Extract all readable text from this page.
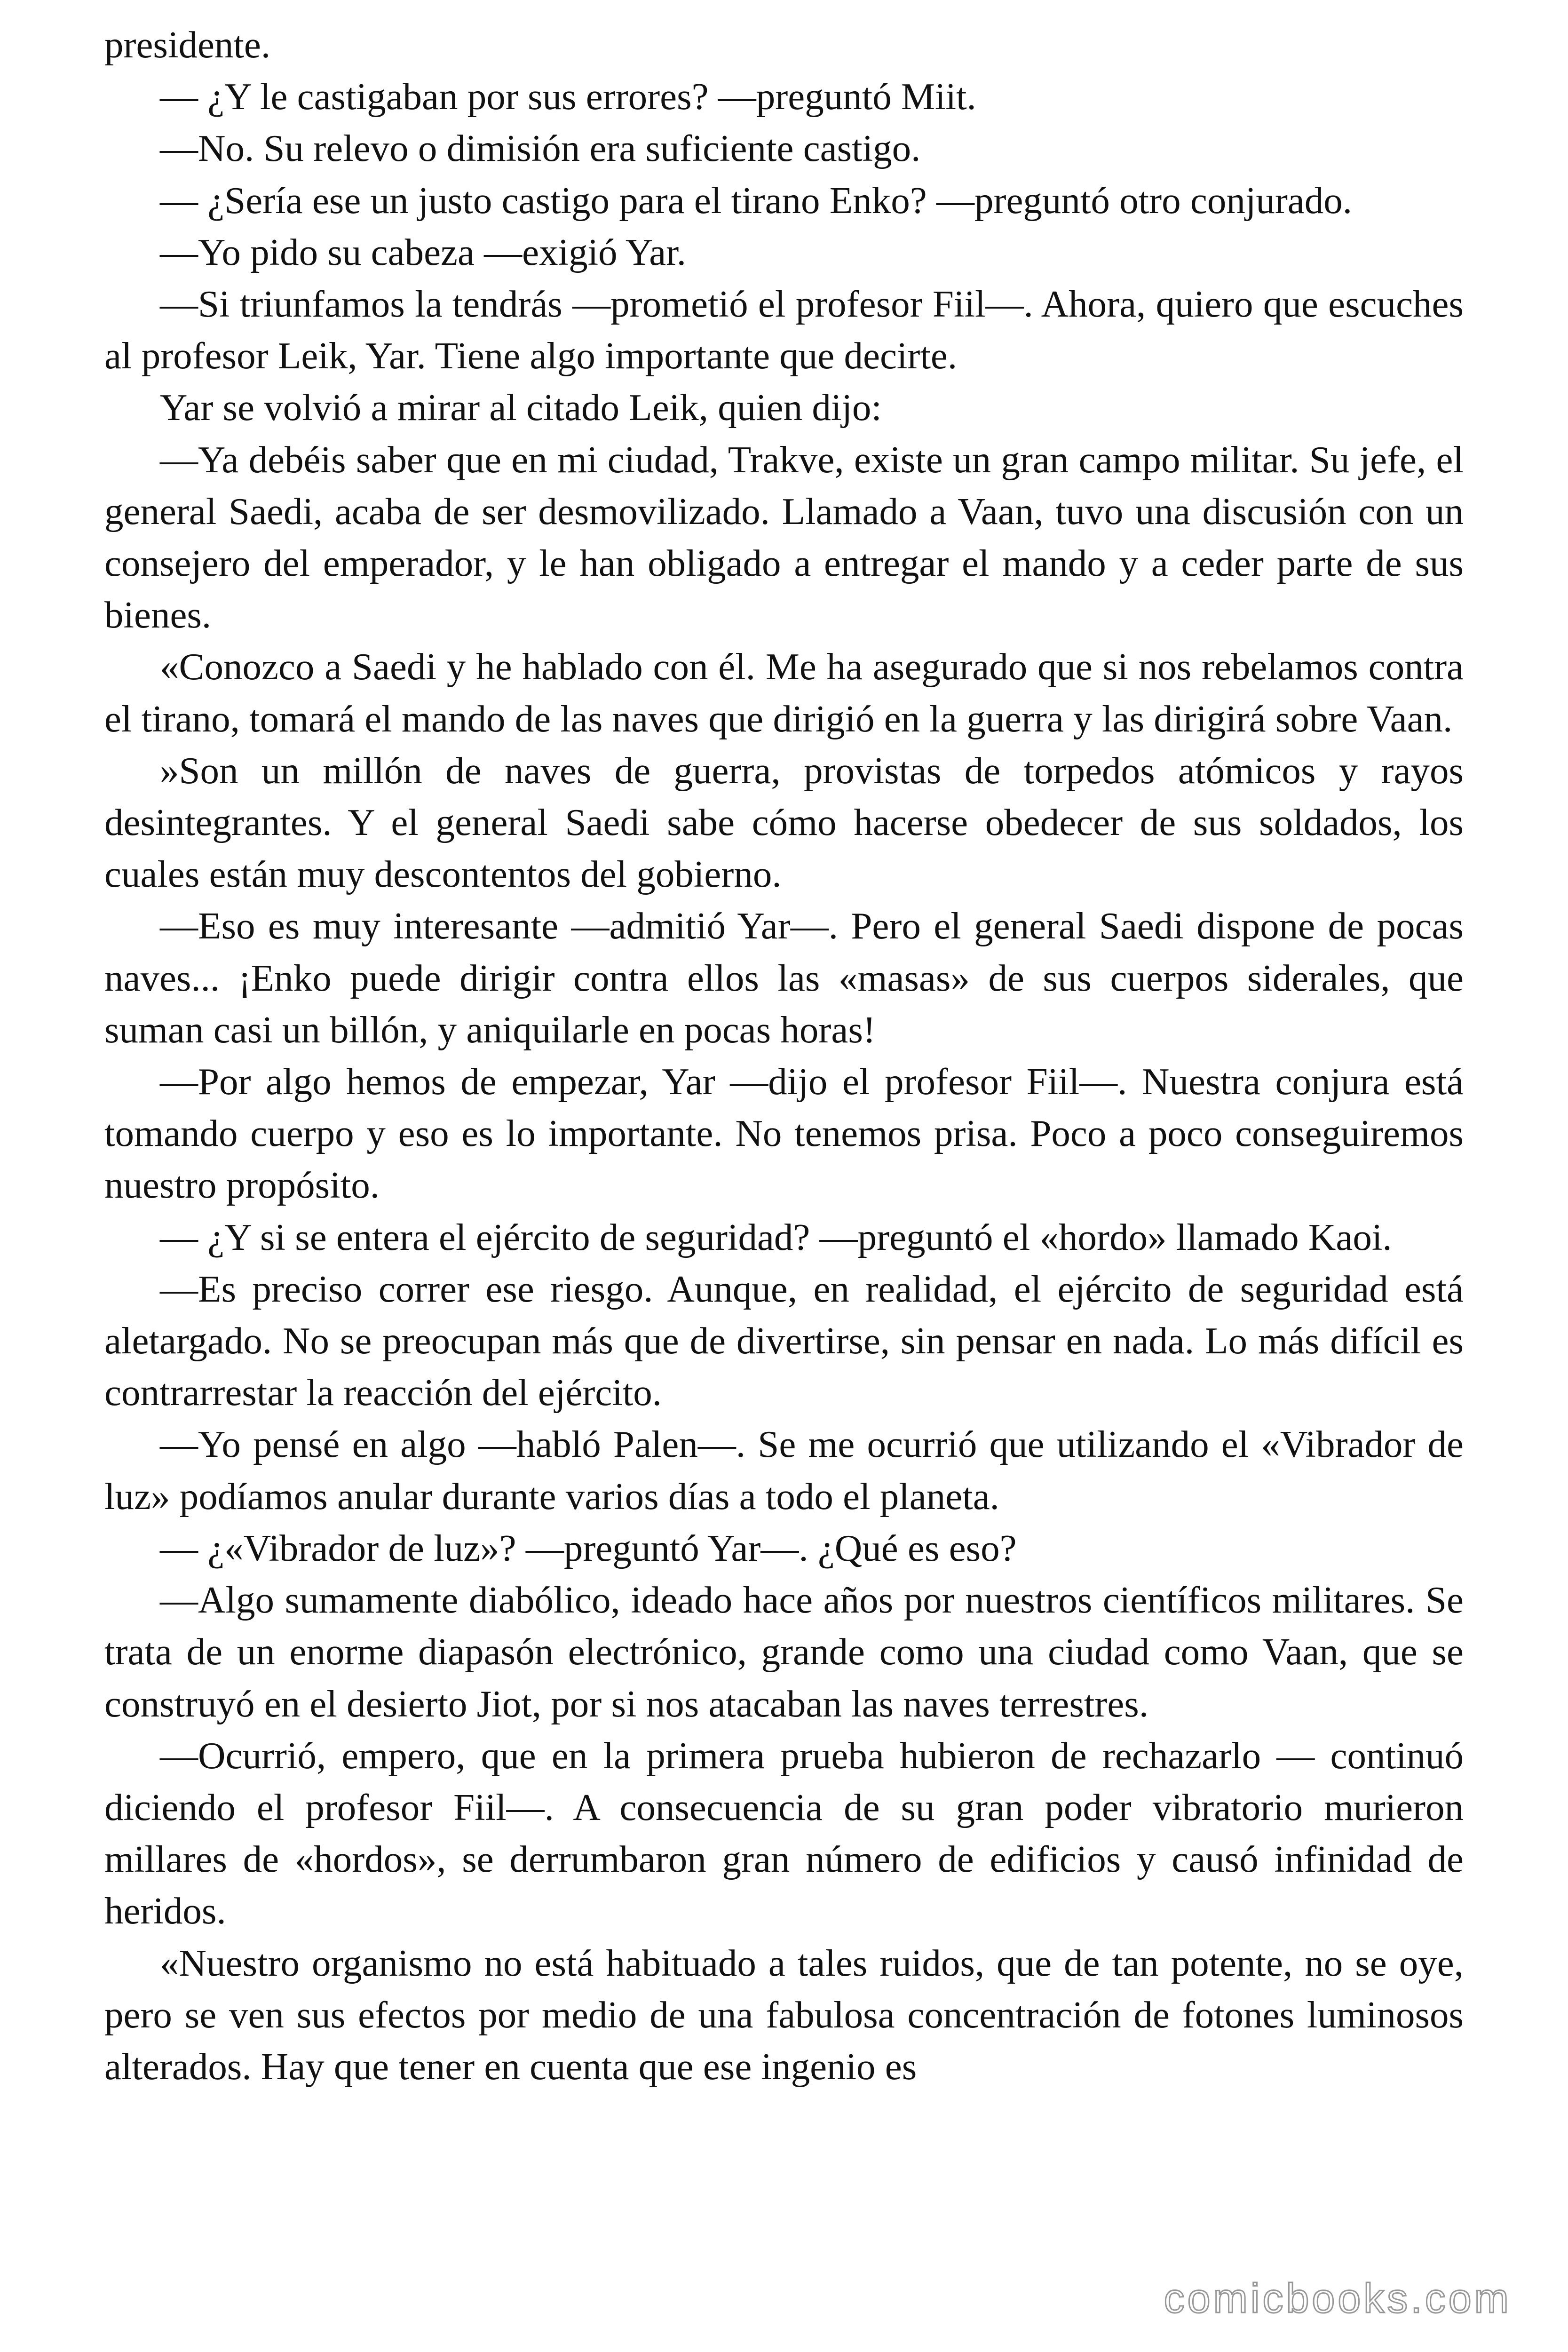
presidente.

— ¿Y le castigaban por sus errores? —preguntó Miit.

—No. Su relevo o dimisión era suficiente castigo.

— ¿Sería ese un justo castigo para el tirano Enko? —preguntó otro conjurado.

—Yo pido su cabeza —exigió Yar.

—Si triunfamos la tendrás —prometió el profesor Fiil—. Ahora, quiero que escuches al profesor Leik, Yar. Tiene algo importante que decirte.

Yar se volvió a mirar al citado Leik, quien dijo:

—Ya debéis saber que en mi ciudad, Trakve, existe un gran campo militar. Su jefe, el general Saedi, acaba de ser desmovilizado. Llamado a Vaan, tuvo una discusión con un consejero del emperador, y le han obligado a entregar el mando y a ceder parte de sus bienes.

«Conozco a Saedi y he hablado con él. Me ha asegurado que si nos rebelamos contra el tirano, tomará el mando de las naves que dirigió en la guerra y las dirigirá sobre Vaan.

»Son un millón de naves de guerra, provistas de torpedos atómicos y rayos desintegrantes. Y el general Saedi sabe cómo hacerse obedecer de sus soldados, los cuales están muy descontentos del gobierno.

—Eso es muy interesante —admitió Yar—. Pero el general Saedi dispone de pocas naves... ¡Enko puede dirigir contra ellos las «masas» de sus cuerpos siderales, que suman casi un billón, y aniquilarle en pocas horas!

—Por algo hemos de empezar, Yar —dijo el profesor Fiil—. Nuestra conjura está tomando cuerpo y eso es lo importante. No tenemos prisa. Poco a poco conseguiremos nuestro propósito.

— ¿Y si se entera el ejército de seguridad? —preguntó el «hordo» llamado Kaoi.

—Es preciso correr ese riesgo. Aunque, en realidad, el ejército de seguridad está aletargado. No se preocupan más que de divertirse, sin pensar en nada. Lo más difícil es contrarrestar la reacción del ejército.

—Yo pensé en algo —habló Palen—. Se me ocurrió que utilizando el «Vibrador de luz» podíamos anular durante varios días a todo el planeta.

— ¿«Vibrador de luz»? —preguntó Yar—. ¿Qué es eso?

—Algo sumamente diabólico, ideado hace años por nuestros científicos militares. Se trata de un enorme diapasón electrónico, grande como una ciudad como Vaan, que se construyó en el desierto Jiot, por si nos atacaban las naves terrestres.

—Ocurrió, empero, que en la primera prueba hubieron de rechazarlo — continuó diciendo el profesor Fiil—. A consecuencia de su gran poder vibratorio murieron millares de «hordos», se derrumbaron gran número de edificios y causó infinidad de heridos.

«Nuestro organismo no está habituado a tales ruidos, que de tan potente, no se oye, pero se ven sus efectos por medio de una fabulosa concentración de fotones luminosos alterados. Hay que tener en cuenta que ese ingenio es

comicbooks.com
